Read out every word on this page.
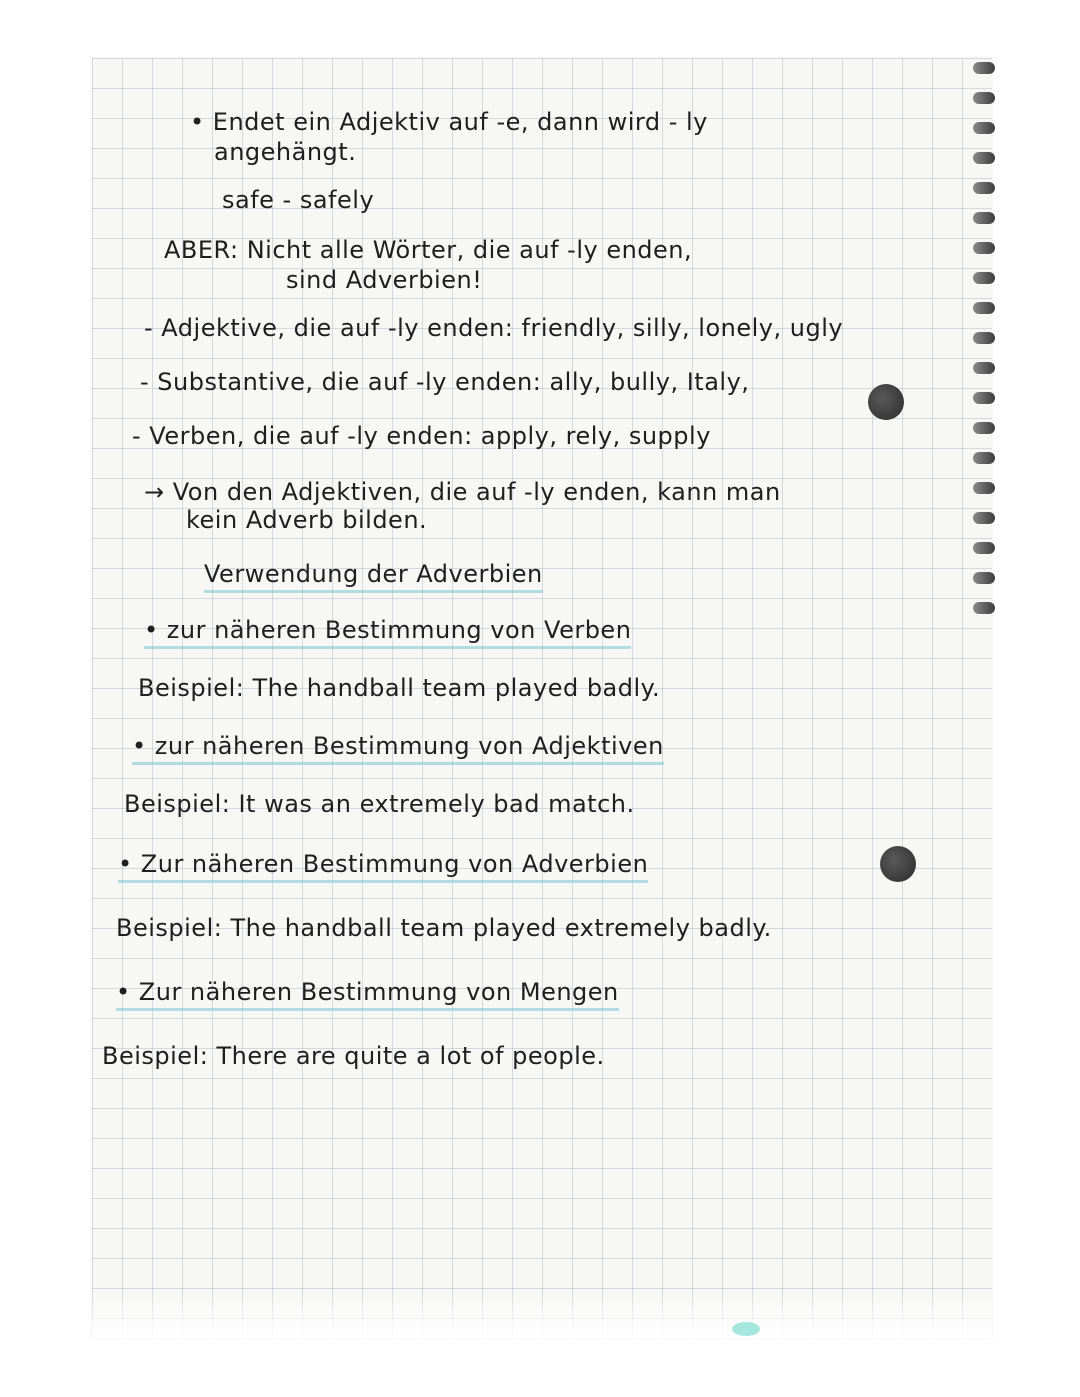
• Endet ein Adjektiv auf -e, dann wird - ly
angehängt.
safe - safely
ABER: Nicht alle Wörter, die auf -ly enden,
sind Adverbien!
- Adjektive, die auf -ly enden: friendly, silly, lonely, ugly
- Substantive, die auf -ly enden: ally, bully, Italy,
- Verben, die auf -ly enden: apply, rely, supply
→ Von den Adjektiven, die auf -ly enden, kann man
kein Adverb bilden.
Verwendung der Adverbien
• zur näheren Bestimmung von Verben
Beispiel: The handball team played badly.
• zur näheren Bestimmung von Adjektiven
Beispiel: It was an extremely bad match.
• Zur näheren Bestimmung von Adverbien
Beispiel: The handball team played extremely badly.
• Zur näheren Bestimmung von Mengen
Beispiel: There are quite a lot of people.
